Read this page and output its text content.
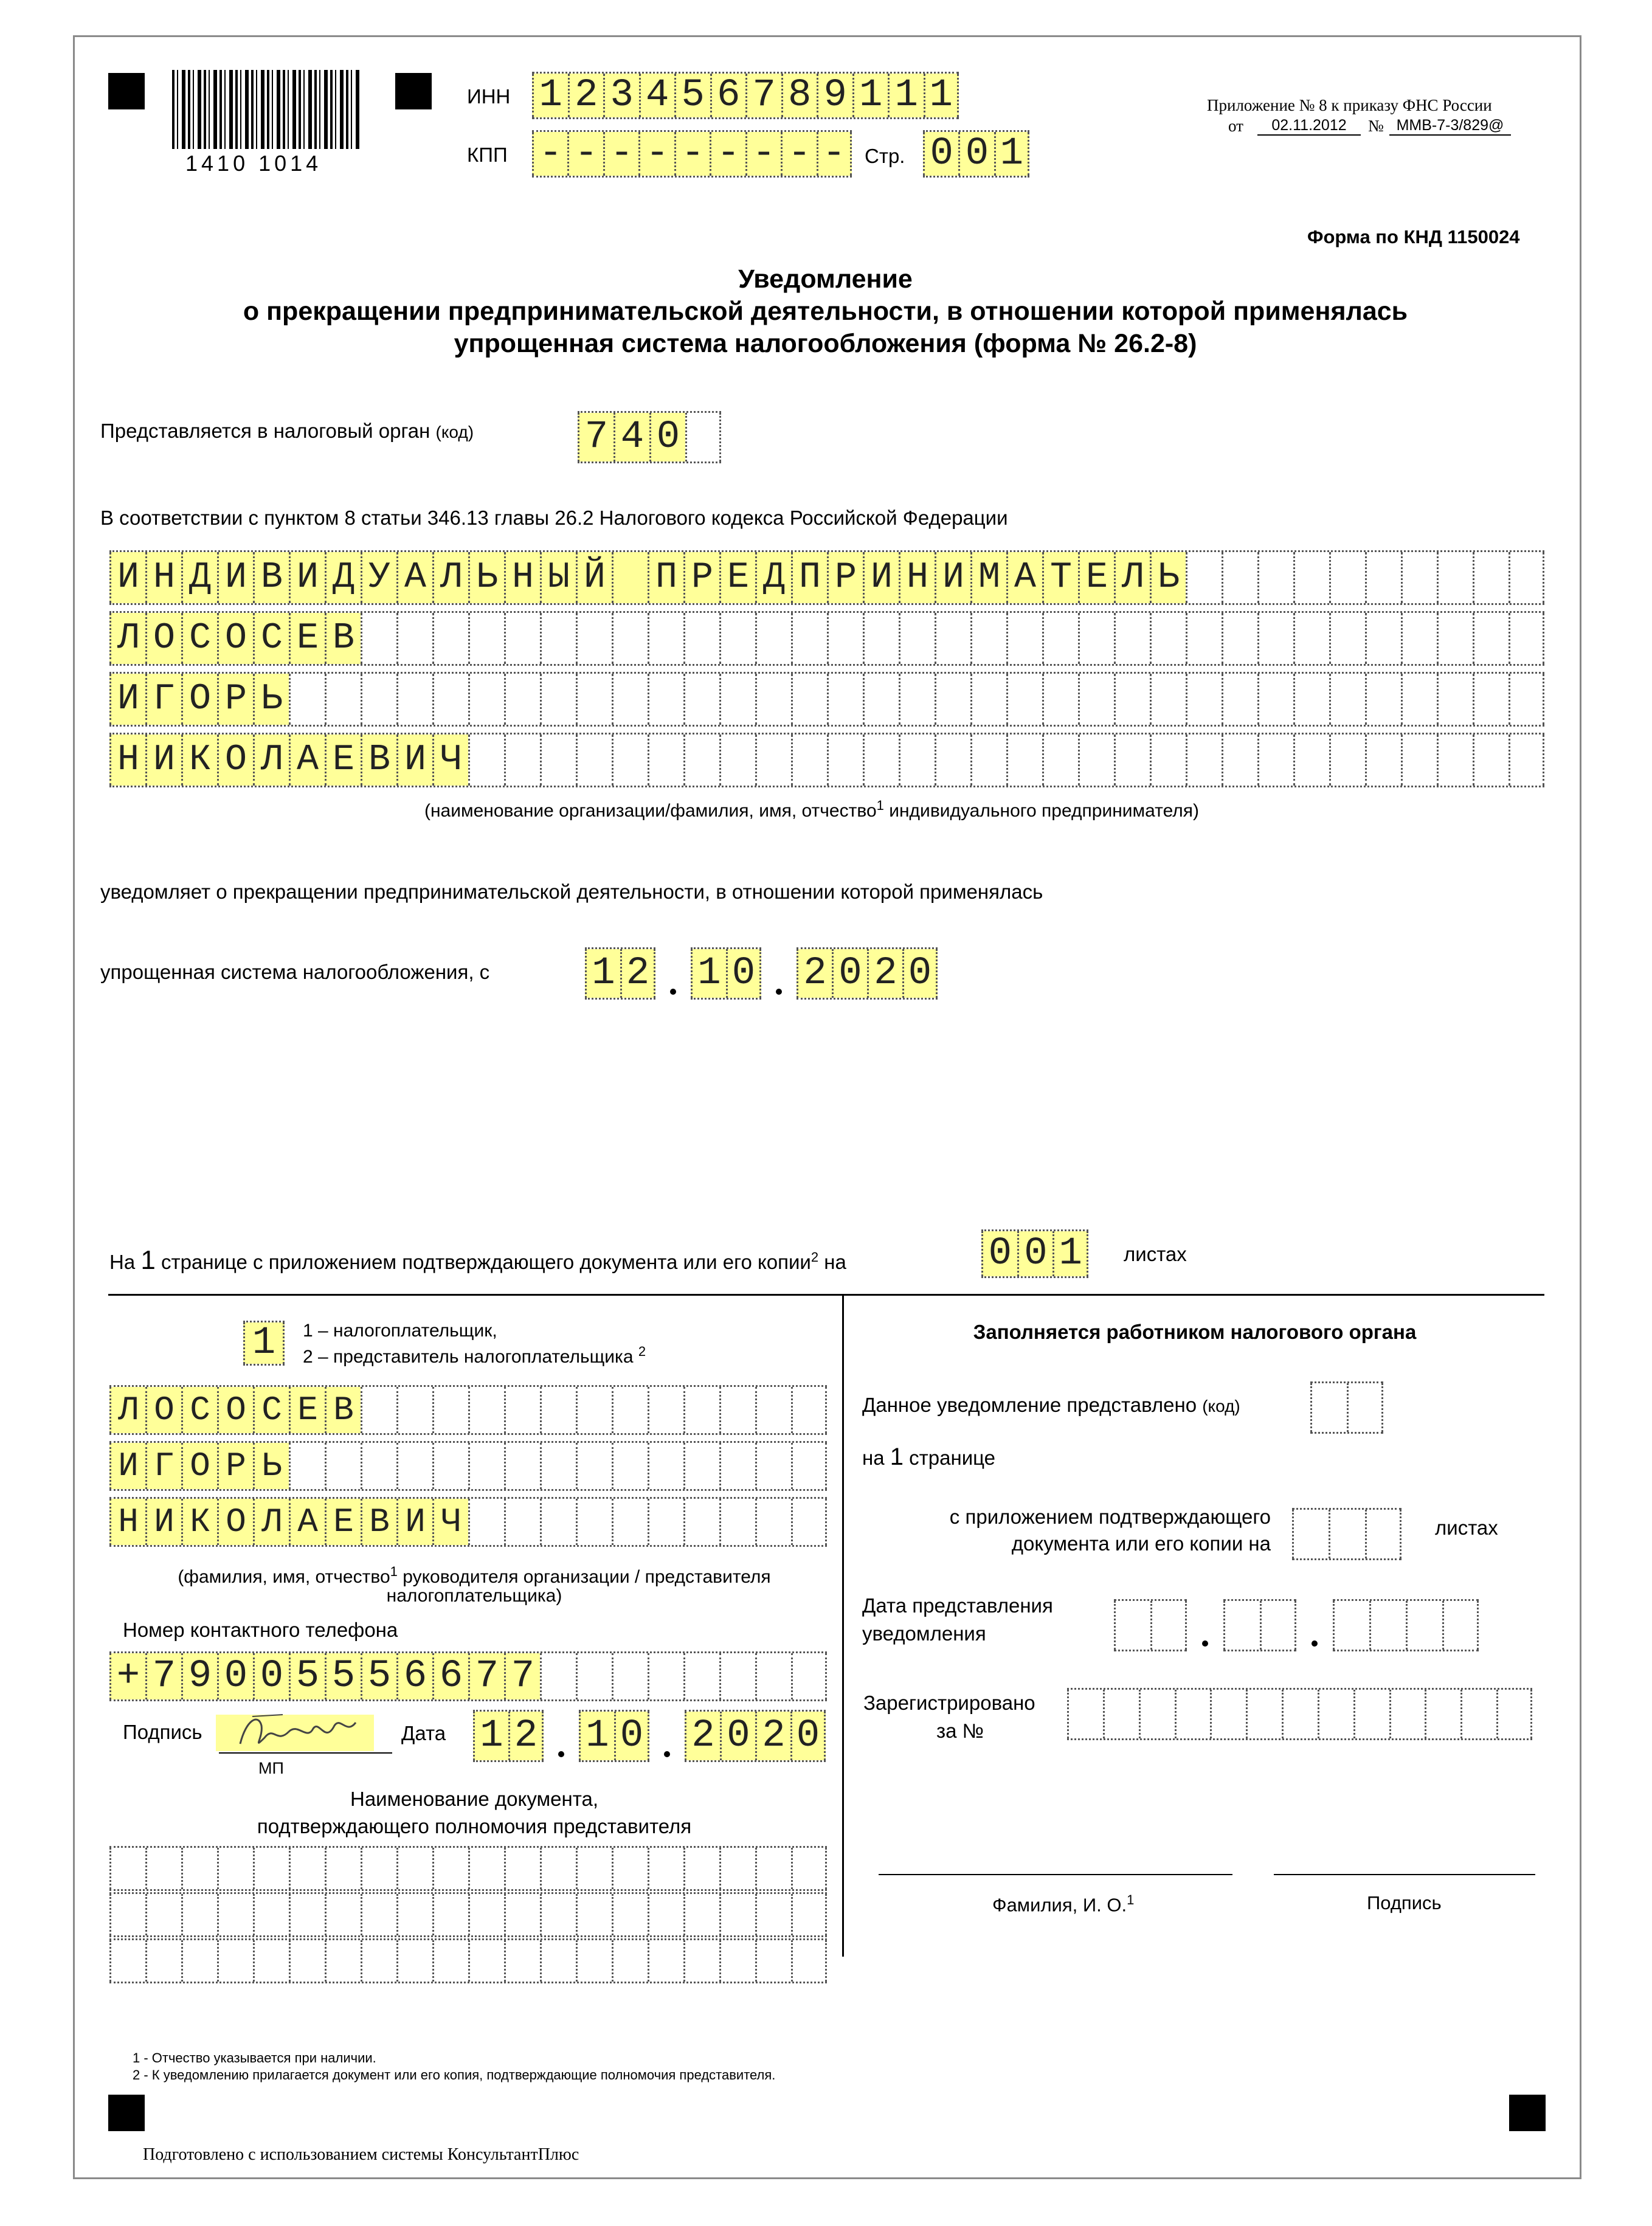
1410 1014
ИНН 1 2 3 4 5 6 7 8 9 1 1 1
КПП - - - - - - - - - Стр. 0 0 1
Приложение № 8 к приказу ФНС России
от	02.11.2012	№ ММВ-7-3/829@
Форма по КНД 1150024
Уведомление
о прекращении предпринимательской деятельности, в отношении которой применялась
упрощенная система налогообложения (форма № 26.2-8)
Представляется в налоговый орган (код)	7 4 0
В соответствии с пунктом 8 статьи 346.13 главы 26.2 Налогового кодекса Российской Федерации
И Н Д И В И Д У А Л Ь Н Ы Й П Р Е Д П Р И Н И М А Т Е Л Ь
Л О С О С Е В
И Г О Р Ь
Н И К О Л А Е В И Ч
(наименование организации/фамилия, имя, отчество$^1$ индивидуального предпринимателя)
уведомляет о прекращении предпринимательской деятельности, в отношении которой применялась
упрощенная система налогообложения, с	1 2 1 0 2 0 2 0
На 1 странице с приложением подтверждающего документа или его копии$^2$ на	0 0 1	листах
1	1 – налогоплательщик,
2 – представитель налогоплательщика $^2$
Л О С О С Е В
И Г О Р Ь
Н И К О Л А Е В И Ч
(фамилия, имя, отчество$^1$ руководителя организации / представителя
налогоплательщика)
Номер контактного телефона
+ 7 9 0 0 5 5 5 6 6 7 7
Подпись
МП
Дата 1 2 1 0 2 0 2 0
Наименование документа,
подтверждающего полномочия представителя
Заполняется работником налогового органа
Данное уведомление представлено (код)
на 1 странице
с приложением подтверждающего
документа или его копии на
листах
Дата представления
уведомления
Зарегистрировано
за №
Фамилия, И. О.$^1$	Подпись
1 - Отчество указывается при наличии.
2 - К уведомлению прилагается документ или его копия, подтверждающие полномочия представителя.
Подготовлено с использованием системы КонсультантПлюс
